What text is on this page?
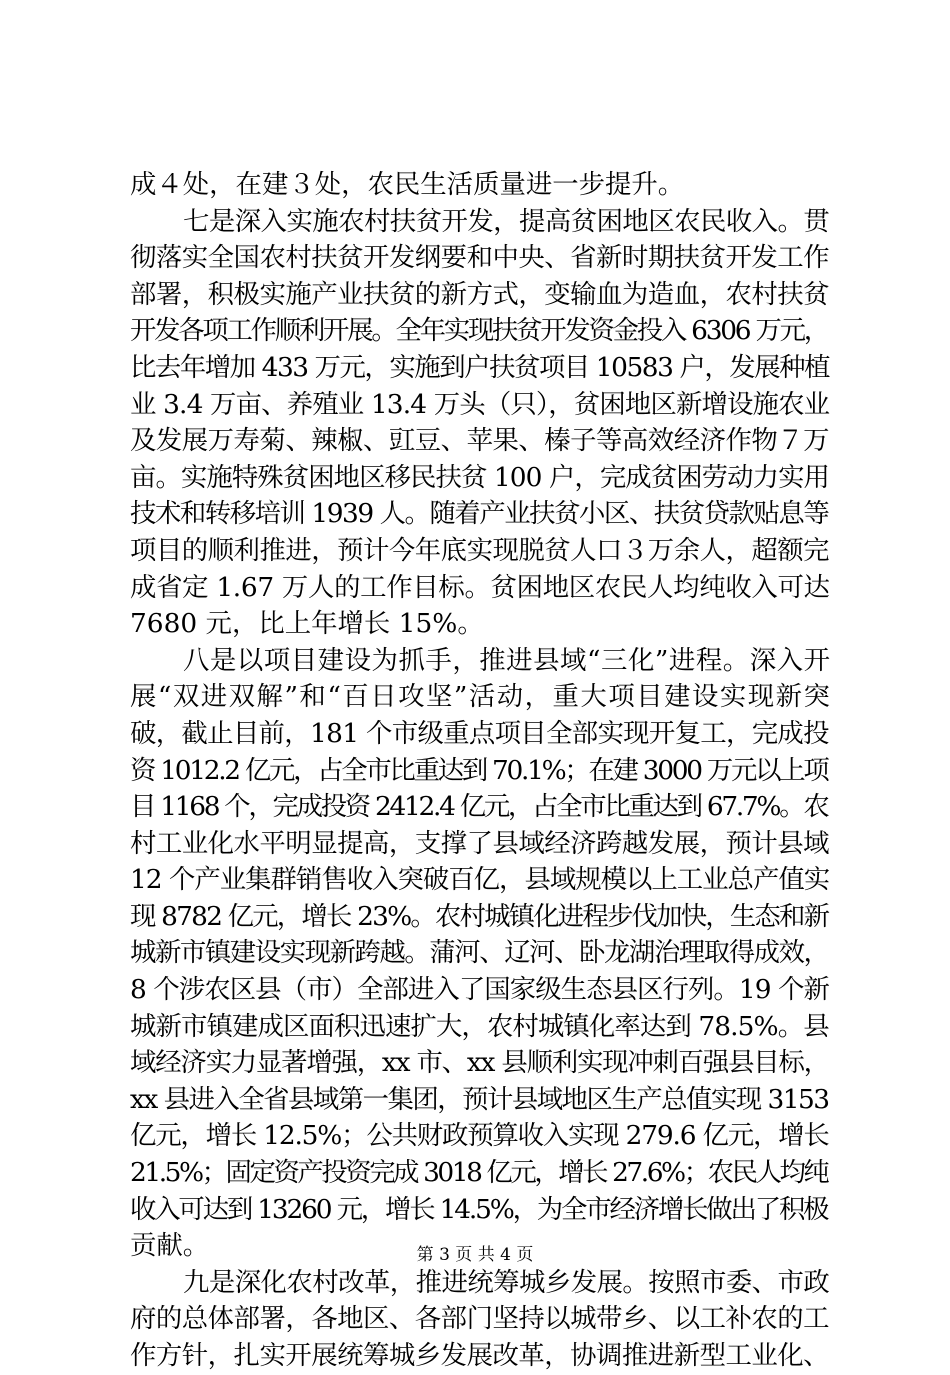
成４处，在建３处，农民生活质量进一步提升。
七是深入实施农村扶贫开发，提高贫困地区农民收入。贯
彻落实全国农村扶贫开发纲要和中央、省新时期扶贫开发工作
部署，积极实施产业扶贫的新方式，变输血为造血，农村扶贫
开发各项工作顺利开展。全年实现扶贫开发资金投入 6306 万元，
比去年增加 433 万元，实施到户扶贫项目 10583 户，发展种植
业 3.4 万亩、养殖业 13.4 万头（只），贫困地区新增设施农业
及发展万寿菊、辣椒、豇豆、苹果、榛子等高效经济作物７万
亩。实施特殊贫困地区移民扶贫 100 户，完成贫困劳动力实用
技术和转移培训 1939 人。随着产业扶贫小区、扶贫贷款贴息等
项目的顺利推进，预计今年底实现脱贫人口３万余人，超额完
成省定 1.67 万人的工作目标。贫困地区农民人均纯收入可达
7680 元，比上年增长 15%。
八是以项目建设为抓手，推进县域“三化”进程。深入开
展“双进双解”和“百日攻坚”活动，重大项目建设实现新突
破，截止目前，181 个市级重点项目全部实现开复工，完成投
资 1012.2 亿元，占全市比重达到 70.1%；在建 3000 万元以上项
目 1168 个，完成投资 2412.4 亿元，占全市比重达到 67.7%。农
村工业化水平明显提高，支撑了县域经济跨越发展，预计县域
12 个产业集群销售收入突破百亿，县域规模以上工业总产值实
现 8782 亿元，增长 23%。农村城镇化进程步伐加快，生态和新
城新市镇建设实现新跨越。蒲河、辽河、卧龙湖治理取得成效，
8 个涉农区县（市）全部进入了国家级生态县区行列。19 个新
城新市镇建成区面积迅速扩大，农村城镇化率达到 78.5%。县
域经济实力显著增强，xx 市、xx 县顺利实现冲刺百强县目标，
xx 县进入全省县域第一集团，预计县域地区生产总值实现 3153
亿元，增长 12.5%；公共财政预算收入实现 279.6 亿元，增长
21.5%；固定资产投资完成 3018 亿元，增长 27.6%；农民人均纯
收入可达到 13260 元，增长 14.5%，为全市经济增长做出了积极
贡献。
九是深化农村改革，推进统筹城乡发展。按照市委、市政
府的总体部署，各地区、各部门坚持以城带乡、以工补农的工
作方针，扎实开展统筹城乡发展改革，协调推进新型工业化、
第 3 页 共 4 页
